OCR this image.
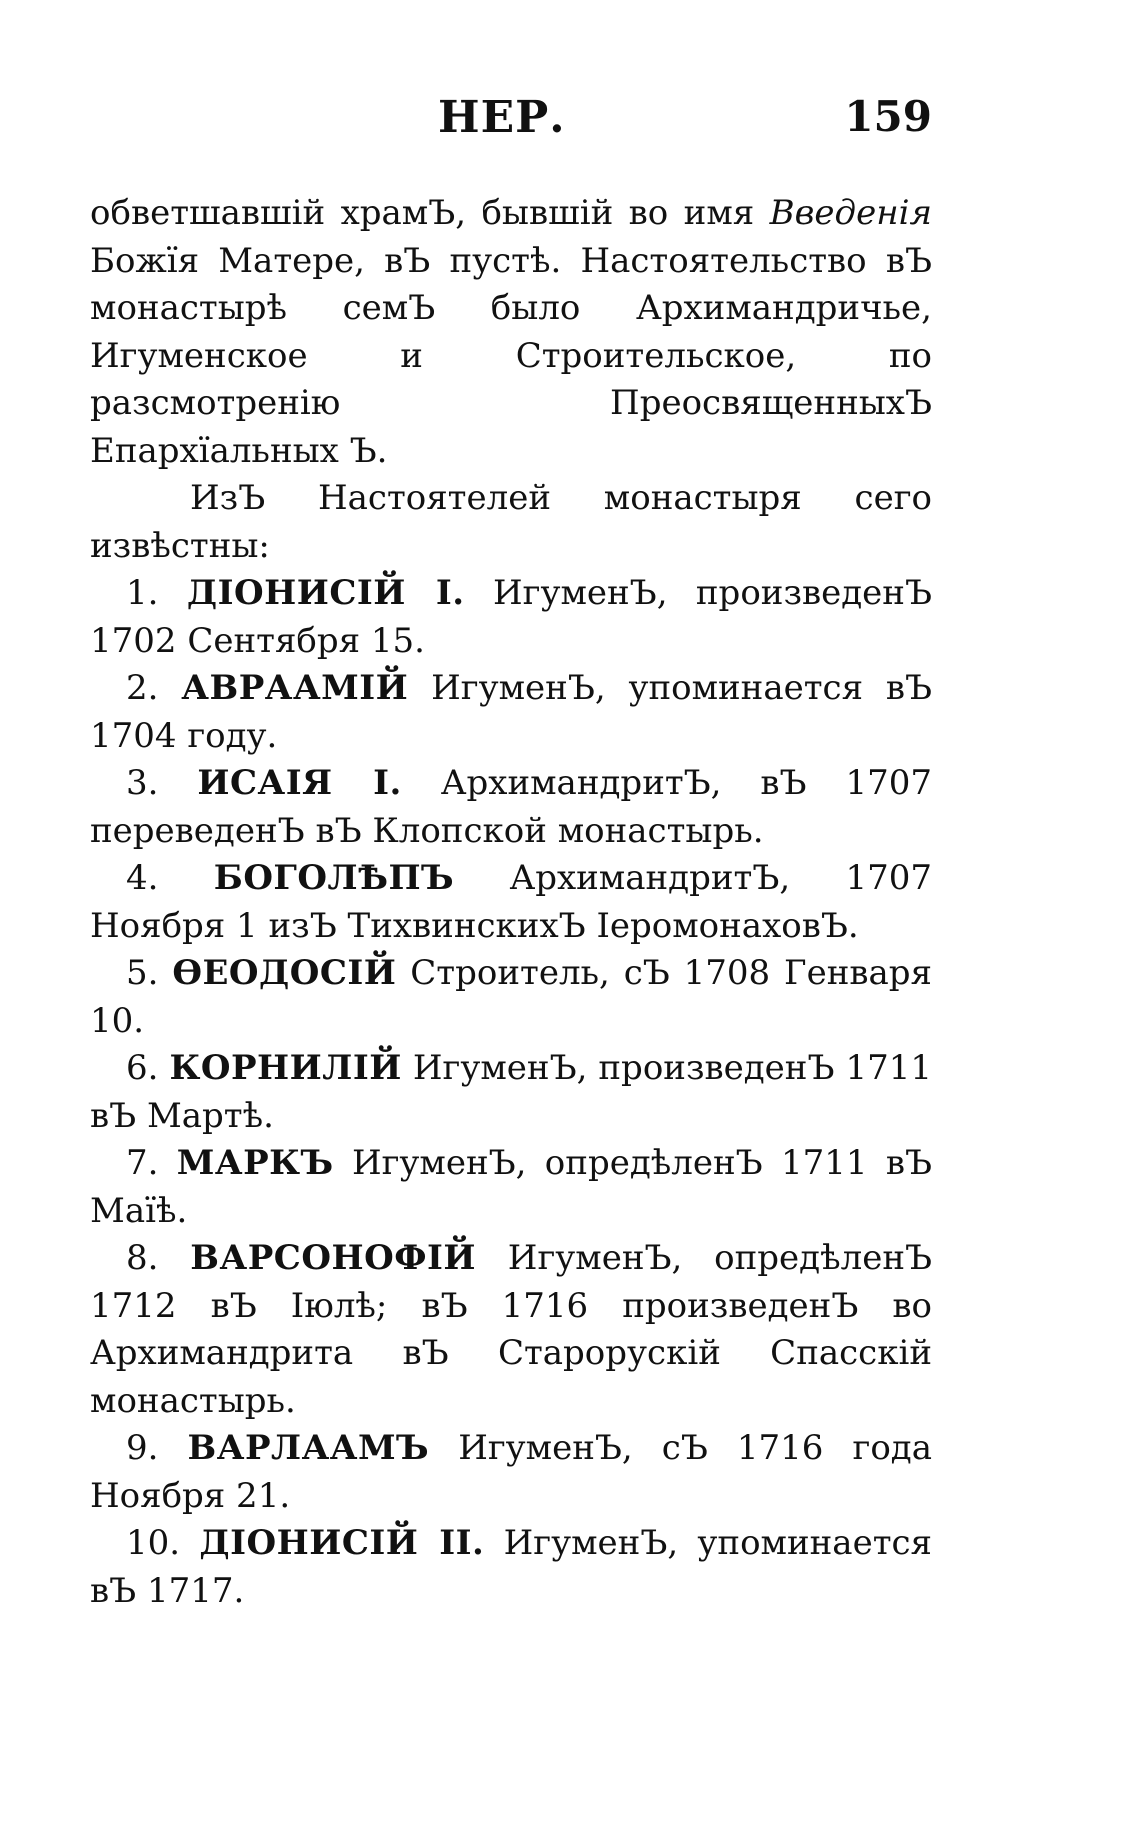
НЕР.	159

обветшавшій храмЪ, бывшій во имя Введенія Божїя Матере, вЪ пустѣ. Настоятельство вЪ монастырѣ семЪ было Архимандричье, Игуменское и Строительское, по разсмотренію ПреосвященныхЪ Епархїальных Ъ.

ИзЪ Настоятелей монастыря сего извѣстны:

1. ДІОНИСІЙ I. ИгуменЪ, произведенЪ 1702 Сентября 15.

2. АВРААМІЙ ИгуменЪ, упоминается вЪ 1704 году.

3. ИСАІЯ I. АрхимандритЪ, вЪ 1707 переведенЪ вЪ Клопской монастырь.

4. БОГОЛѢПЪ АрхимандритЪ, 1707 Ноября 1 изЪ ТихвинскихЪ ІеромонаховЪ.

5. ѲЕОДОСІЙ Строитель, сЪ 1708 Генваря 10.

6. КОРНИЛІЙ ИгуменЪ, произведенЪ 1711 вЪ Мартѣ.

7. МАРКЪ ИгуменЪ, опредѣленЪ 1711 вЪ Маїѣ.

8. ВАРСОНОФІЙ ИгуменЪ, опредѣленЪ 1712 вЪ Іюлѣ; вЪ 1716 произведенЪ во Архимандрита вЪ Старорускій Спасскій монастырь.

9. ВАРЛААМЪ ИгуменЪ, сЪ 1716 года Ноября 21.

10. ДІОНИСІЙ II. ИгуменЪ, упоминается вЪ 1717.
